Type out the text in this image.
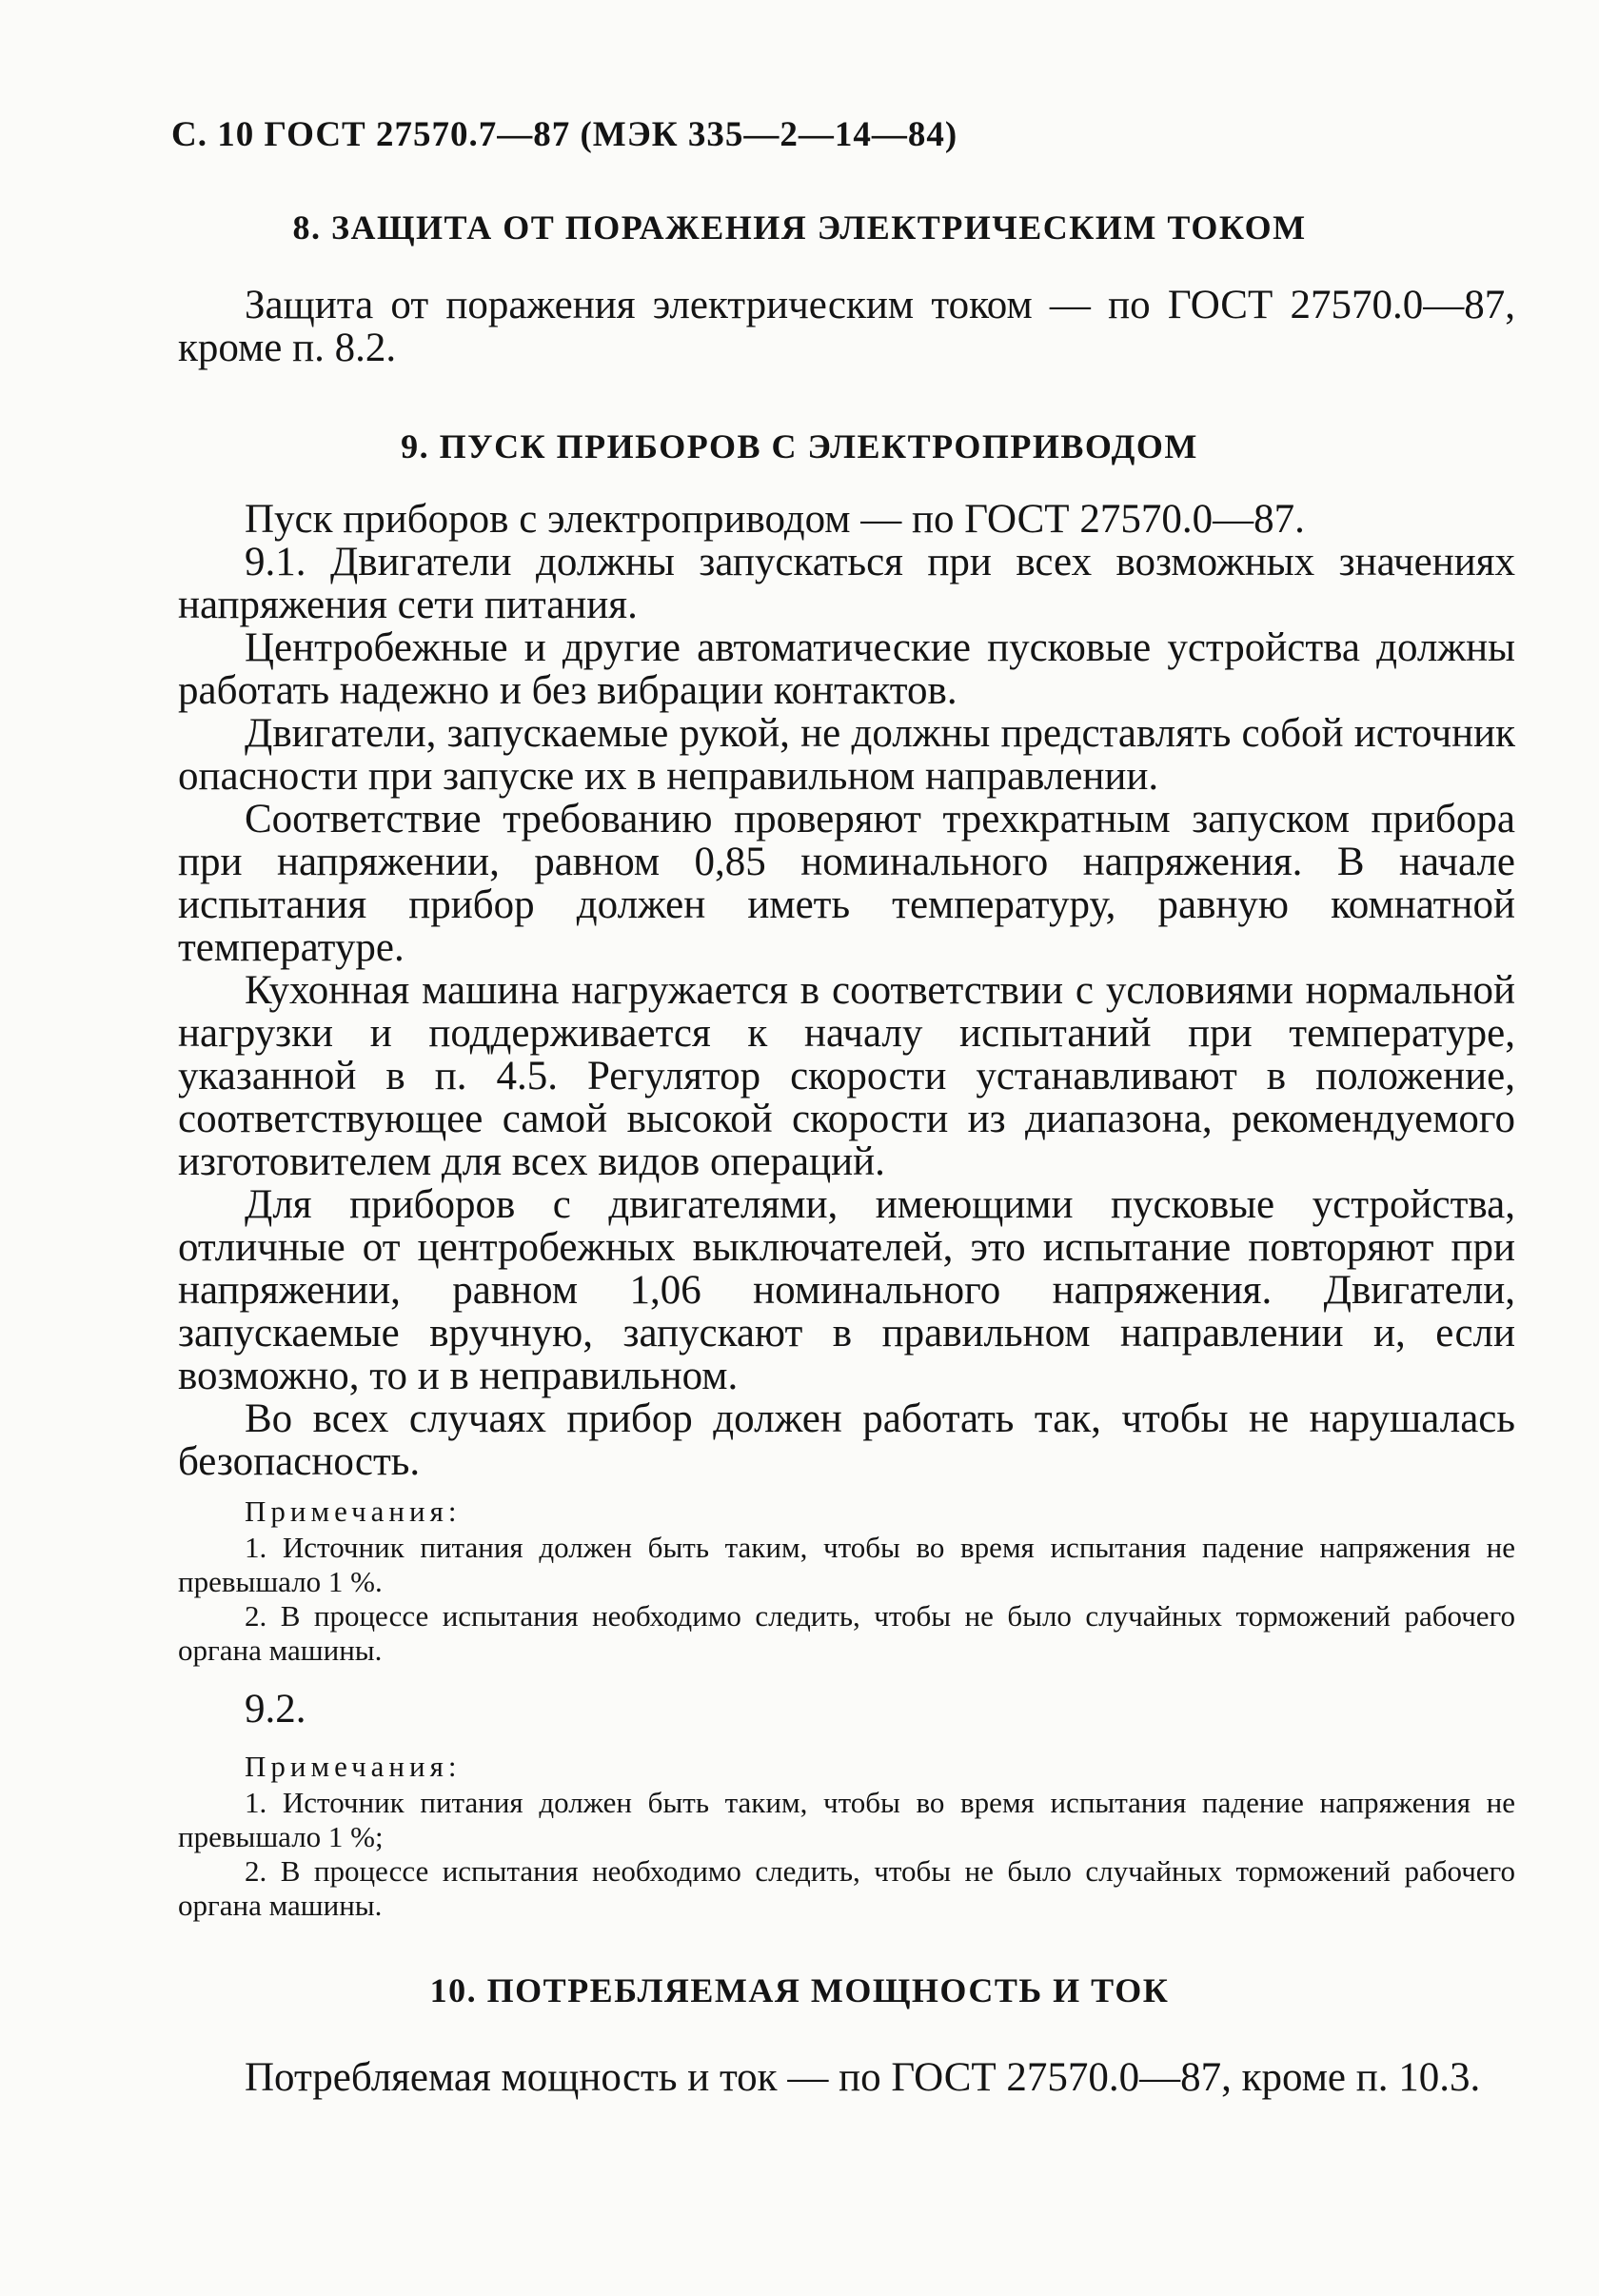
С. 10 ГОСТ 27570.7—87 (МЭК 335—2—14—84)
8. ЗАЩИТА ОТ ПОРАЖЕНИЯ ЭЛЕКТРИЧЕСКИМ ТОКОМ

Защита от поражения электрическим током — по ГОСТ 27570.0—87, кроме п. 8.2.

9. ПУСК ПРИБОРОВ С ЭЛЕКТРОПРИВОДОМ

Пуск приборов с электроприводом — по ГОСТ 27570.0—87.

9.1. Двигатели должны запускаться при всех возможных значениях напряжения сети питания.

Центробежные и другие автоматические пусковые устройства должны работать надежно и без вибрации контактов.

Двигатели, запускаемые рукой, не должны представлять собой источник опасности при запуске их в неправильном направлении.

Соответствие требованию проверяют трехкратным запуском прибора при напряжении, равном 0,85 номинального напряжения. В начале испытания прибор должен иметь температуру, равную комнатной температуре.

Кухонная машина нагружается в соответствии с условиями нормальной нагрузки и поддерживается к началу испытаний при температуре, указанной в п. 4.5. Регулятор скорости устанавливают в положение, соответствующее самой высокой скорости из диапазона, рекомендуемого изготовителем для всех видов операций.

Для приборов с двигателями, имеющими пусковые устройства, отличные от центробежных выключателей, это испытание повторяют при напряжении, равном 1,06 номинального напряжения. Двигатели, запускаемые вручную, запускают в правильном направлении и, если возможно, то и в неправильном.

Во всех случаях прибор должен работать так, чтобы не нарушалась безопасность.

Примечания:

1. Источник питания должен быть таким, чтобы во время испытания падение напряжения не превышало 1 %.

2. В процессе испытания необходимо следить, чтобы не было случайных торможений рабочего органа машины.

9.2.

Примечания:

1. Источник питания должен быть таким, чтобы во время испытания падение напряжения не превышало 1 %;

2. В процессе испытания необходимо следить, чтобы не было случайных торможений рабочего органа машины.

10. ПОТРЕБЛЯЕМАЯ МОЩНОСТЬ И ТОК

Потребляемая мощность и ток — по ГОСТ 27570.0—87, кроме п. 10.3.
